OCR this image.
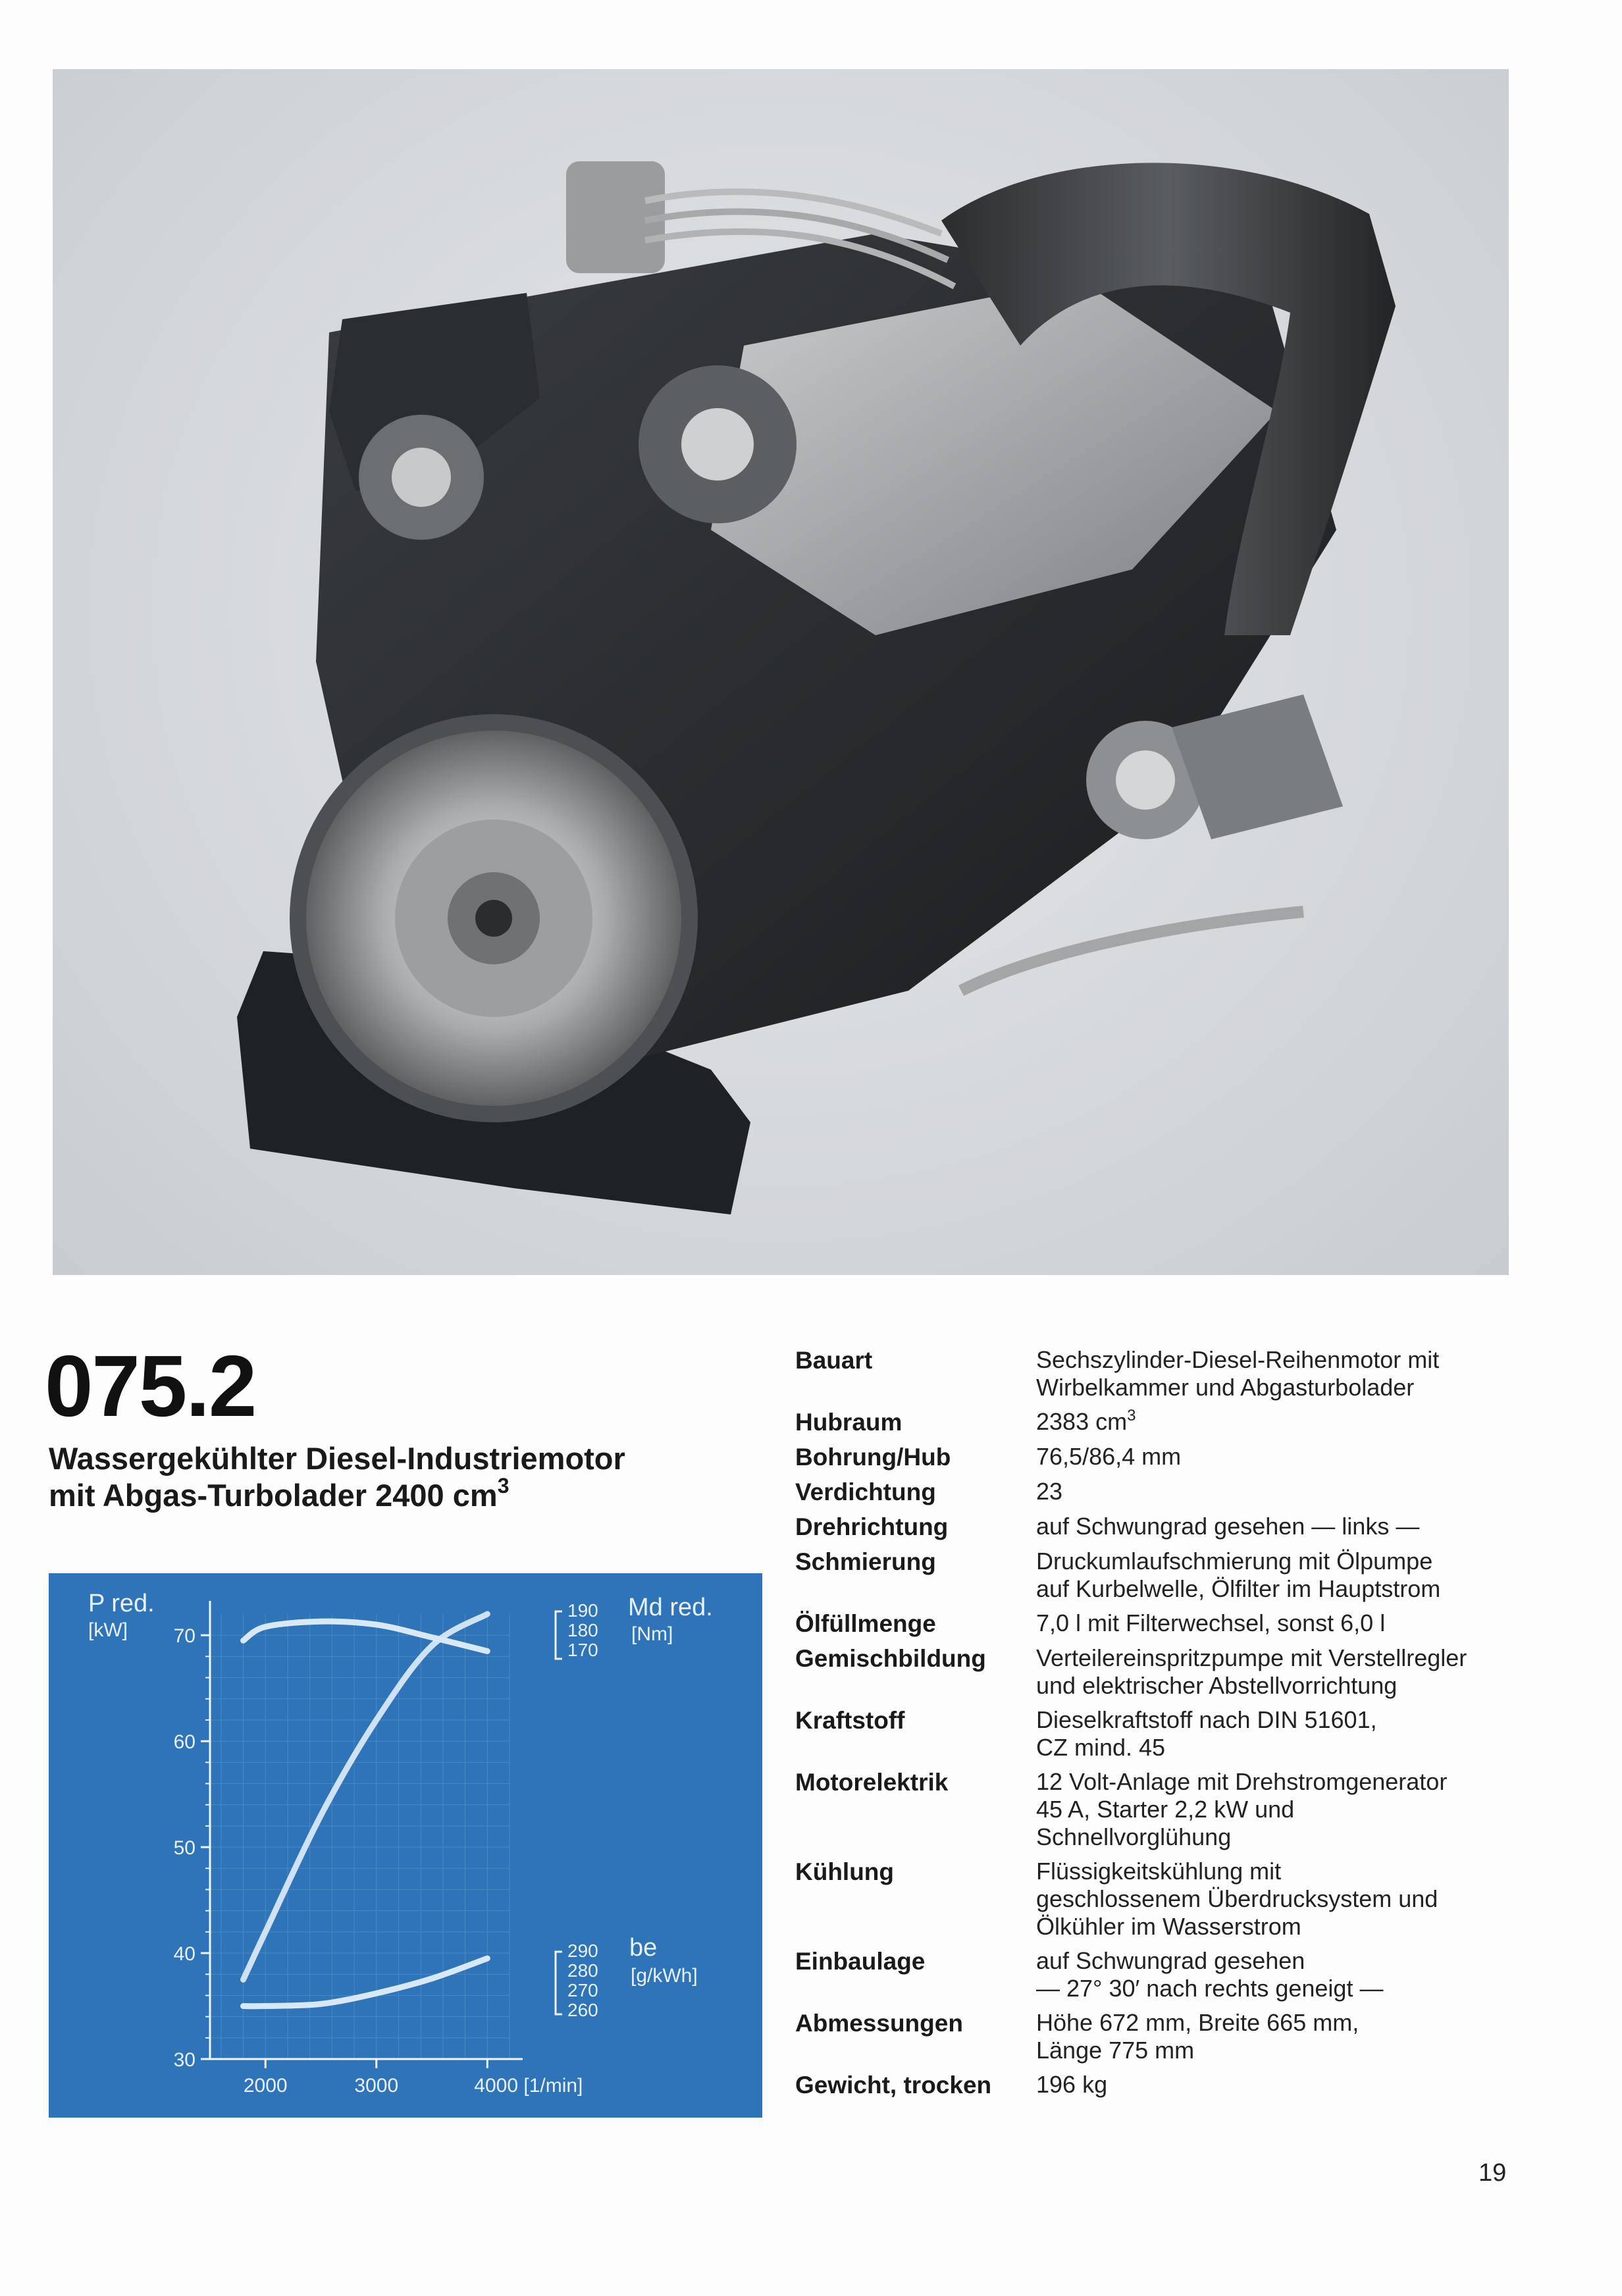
075.2
Wassergekühlter Diesel-Industriemotor
mit Abgas-Turbolader 2400 $cm^3$
30
40
50
60
70
2000	3000	4000 [1/min]
P red.
[kW]
190
180
170
Md red.
[Nm]
290
280
270
260
be
[g/kWh]
Bauart	Sechszylinder-Diesel-Reihenmotor mit
Wirbelkammer und Abgasturbolader
Hubraum	2383 $cm^3$
Bohrung/Hub	76,5/86,4 mm
Verdichtung	23
Drehrichtung	auf Schwungrad gesehen — links —
Schmierung	Druckumlaufschmierung mit Ölpumpe
auf Kurbelwelle, Ölfilter im Hauptstrom
Ölfüllmenge	7,0 l mit Filterwechsel, sonst 6,0 l
Gemischbildung	Verteilereinspritzpumpe mit Verstellregler
und elektrischer Abstellvorrichtung
Kraftstoff	Dieselkraftstoff nach DIN 51601,
CZ mind. 45
Motorelektrik	12 Volt-Anlage mit Drehstromgenerator
45 A, Starter 2,2 kW und
Schnellvorglühung
Kühlung	Flüssigkeitskühlung mit
geschlossenem Überdrucksystem und
Ölkühler im Wasserstrom
Einbaulage	auf Schwungrad gesehen
— 27° 30′ nach rechts geneigt —
Abmessungen	Höhe 672 mm, Breite 665 mm,
Länge 775 mm
Gewicht, trocken	196 kg
19
